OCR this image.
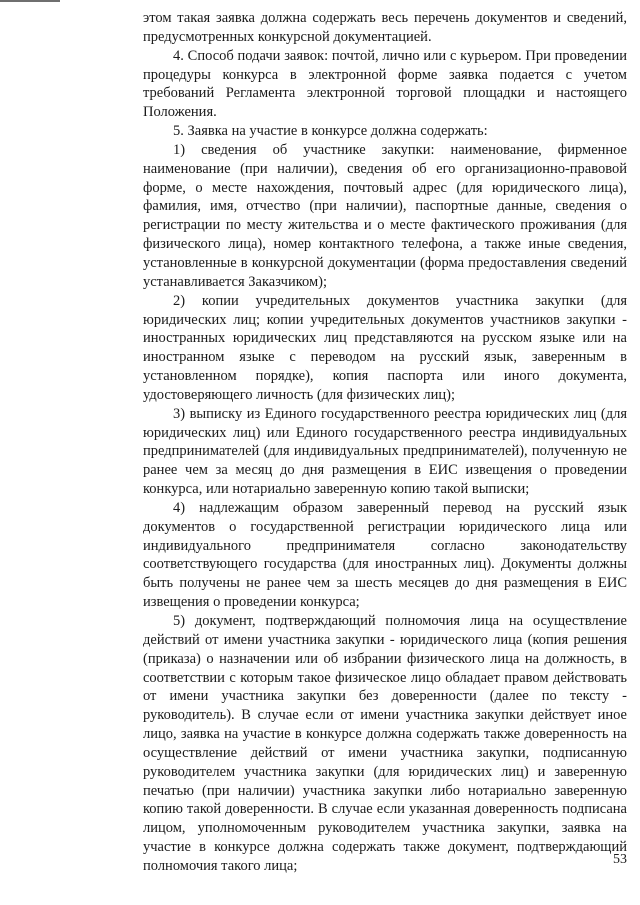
этом такая заявка должна содержать весь перечень документов и сведений, предусмотренных конкурсной документацией.

4. Способ подачи заявок: почтой, лично или с курьером. При проведении процедуры конкурса в электронной форме заявка подается с учетом требований Регламента электронной торговой площадки и настоящего Положения.

5. Заявка на участие в конкурсе должна содержать:

1) сведения об участнике закупки: наименование, фирменное наименование (при наличии), сведения об его организационно-правовой форме, о месте нахождения, почтовый адрес (для юридического лица), фамилия, имя, отчество (при наличии), паспортные данные, сведения о регистрации по месту жительства и о месте фактического проживания (для физического лица), номер контактного телефона, а также иные сведения, установленные в конкурсной документации (форма предоставления сведений устанавливается Заказчиком);

2) копии учредительных документов участника закупки (для юридических лиц; копии учредительных документов участников закупки - иностранных юридических лиц представляются на русском языке или на иностранном языке с переводом на русский язык, заверенным в установленном порядке), копия паспорта или иного документа, удостоверяющего личность (для физических лиц);

3) выписку из Единого государственного реестра юридических лиц (для юридических лиц) или Единого государственного реестра индивидуальных предпринимателей (для индивидуальных предпринимателей), полученную не ранее чем за месяц до дня размещения в ЕИС извещения о проведении конкурса, или нотариально заверенную копию такой выписки;

4) надлежащим образом заверенный перевод на русский язык документов о государственной регистрации юридического лица или индивидуального предпринимателя согласно законодательству соответствующего государства (для иностранных лиц). Документы должны быть получены не ранее чем за шесть месяцев до дня размещения в ЕИС извещения о проведении конкурса;

5) документ, подтверждающий полномочия лица на осуществление действий от имени участника закупки - юридического лица (копия решения (приказа) о назначении или об избрании физического лица на должность, в соответствии с которым такое физическое лицо обладает правом действовать от имени участника закупки без доверенности (далее по тексту - руководитель). В случае если от имени участника закупки действует иное лицо, заявка на участие в конкурсе должна содержать также доверенность на осуществление действий от имени участника закупки, подписанную руководителем участника закупки (для юридических лиц) и заверенную печатью (при наличии) участника закупки либо нотариально заверенную копию такой доверенности. В случае если указанная доверенность подписана лицом, уполномоченным руководителем участника закупки, заявка на участие в конкурсе должна содержать также документ, подтверждающий полномочия такого лица;	53
